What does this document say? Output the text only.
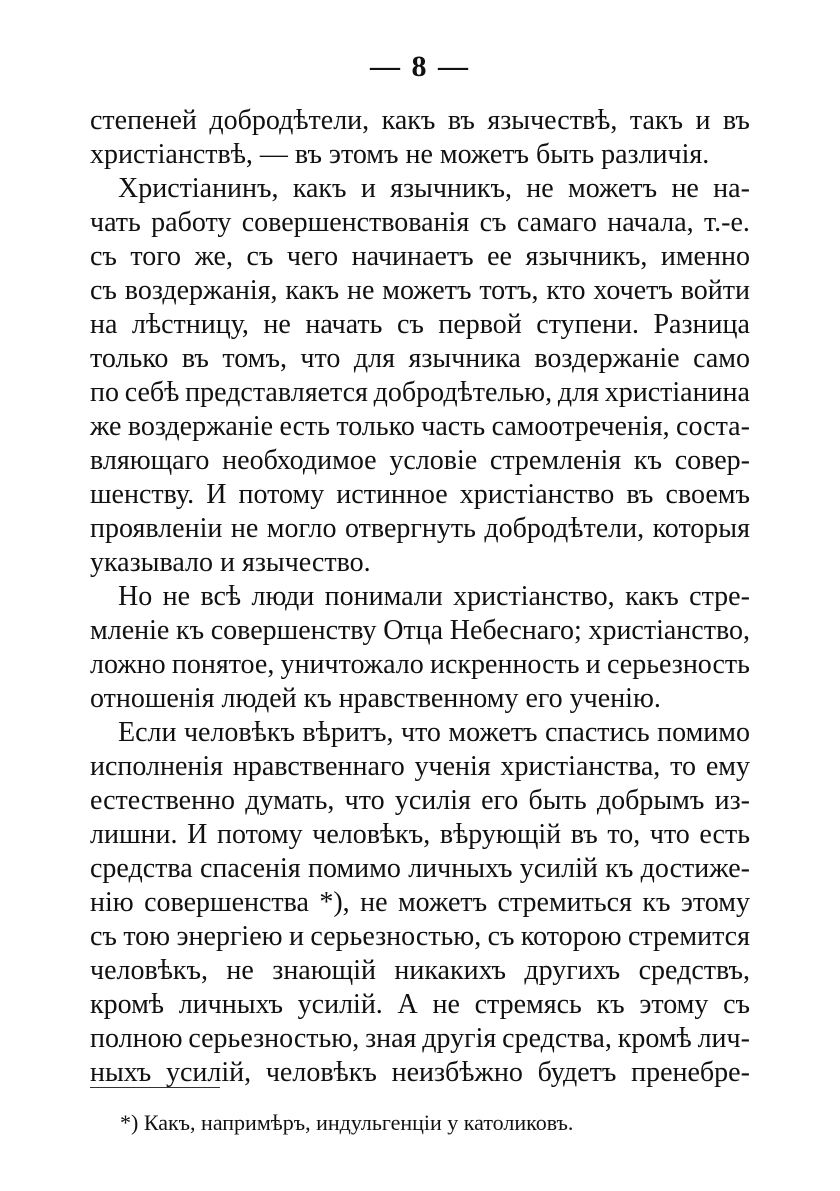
— 8 —
степеней добродѣтели, какъ въ язычествѣ, такъ и въ
христіанствѣ, — въ этомъ не можетъ быть различія.
Христіанинъ, какъ и язычникъ, не можетъ не на-
чать работу совершенствованія съ самаго начала, т.-е.
съ того же, съ чего начинаетъ ее язычникъ, именно
съ воздержанія, какъ не можетъ тотъ, кто хочетъ войти
на лѣстницу, не начать съ первой ступени. Разница
только въ томъ, что для язычника воздержаніе само
по себѣ представляется добродѣтелью, для христіанина
же воздержаніе есть только часть самоотреченія, соста-
вляющаго необходимое условіе стремленія къ совер-
шенству. И потому истинное христіанство въ своемъ
проявленіи не могло отвергнуть добродѣтели, которыя
указывало и язычество.
Но не всѣ люди понимали христіанство, какъ стре-
мленіе къ совершенству Отца Небеснаго; христіанство,
ложно понятое, уничтожало искренность и серьезность
отношенія людей къ нравственному его ученію.
Если человѣкъ вѣритъ, что можетъ спастись помимо
исполненія нравственнаго ученія христіанства, то ему
естественно думать, что усилія его быть добрымъ из-
лишни. И потому человѣкъ, вѣрующій въ то, что есть
средства спасенія помимо личныхъ усилій къ достиже-
нію совершенства *), не можетъ стремиться къ этому
съ тою энергіею и серьезностью, съ которою стремится
человѣкъ, не знающій никакихъ другихъ средствъ,
кромѣ личныхъ усилій. А не стремясь къ этому съ
полною серьезностью, зная другія средства, кромѣ лич-
ныхъ усилій, человѣкъ неизбѣжно будетъ пренебре-
*) Какъ, напримѣръ, индульгенціи у католиковъ.
